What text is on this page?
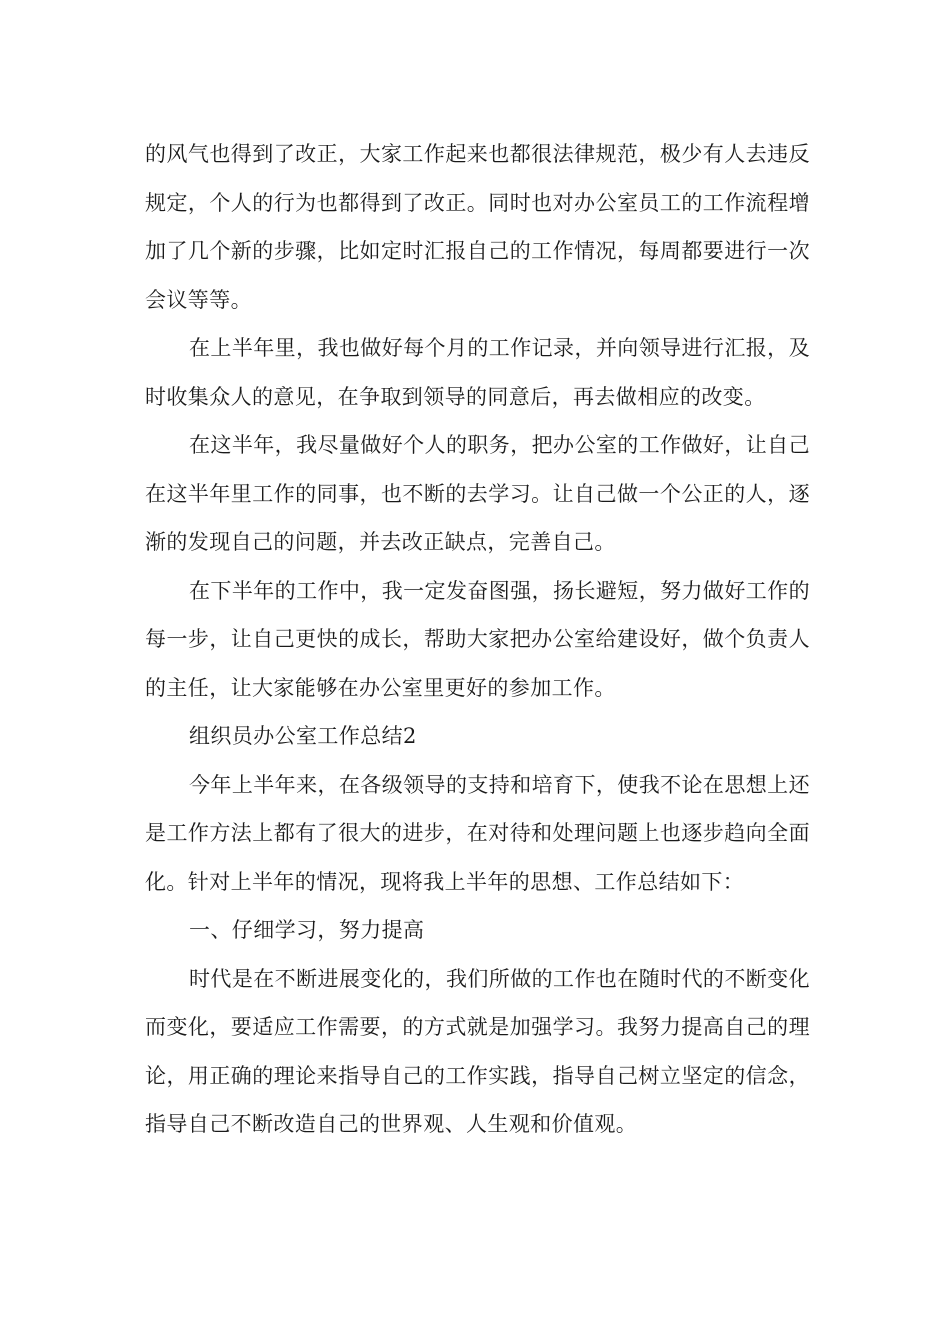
的风气也得到了改正，大家工作起来也都很法律规范，极少有人去违反规定，个人的行为也都得到了改正。同时也对办公室员工的工作流程增加了几个新的步骤，比如定时汇报自己的工作情况，每周都要进行一次会议等等。

在上半年里，我也做好每个月的工作记录，并向领导进行汇报，及时收集众人的意见，在争取到领导的同意后，再去做相应的改变。

在这半年，我尽量做好个人的职务，把办公室的工作做好，让自己在这半年里工作的同事，也不断的去学习。让自己做一个公正的人，逐渐的发现自己的问题，并去改正缺点，完善自己。

在下半年的工作中，我一定发奋图强，扬长避短，努力做好工作的每一步，让自己更快的成长，帮助大家把办公室给建设好，做个负责人的主任，让大家能够在办公室里更好的参加工作。

组织员办公室工作总结2

今年上半年来，在各级领导的支持和培育下，使我不论在思想上还是工作方法上都有了很大的进步，在对待和处理问题上也逐步趋向全面化。针对上半年的情况，现将我上半年的思想、工作总结如下：

一、仔细学习，努力提高

时代是在不断进展变化的，我们所做的工作也在随时代的不断变化而变化，要适应工作需要，的方式就是加强学习。我努力提高自己的理论，用正确的理论来指导自己的工作实践，指导自己树立坚定的信念，指导自己不断改造自己的世界观、人生观和价值观。
